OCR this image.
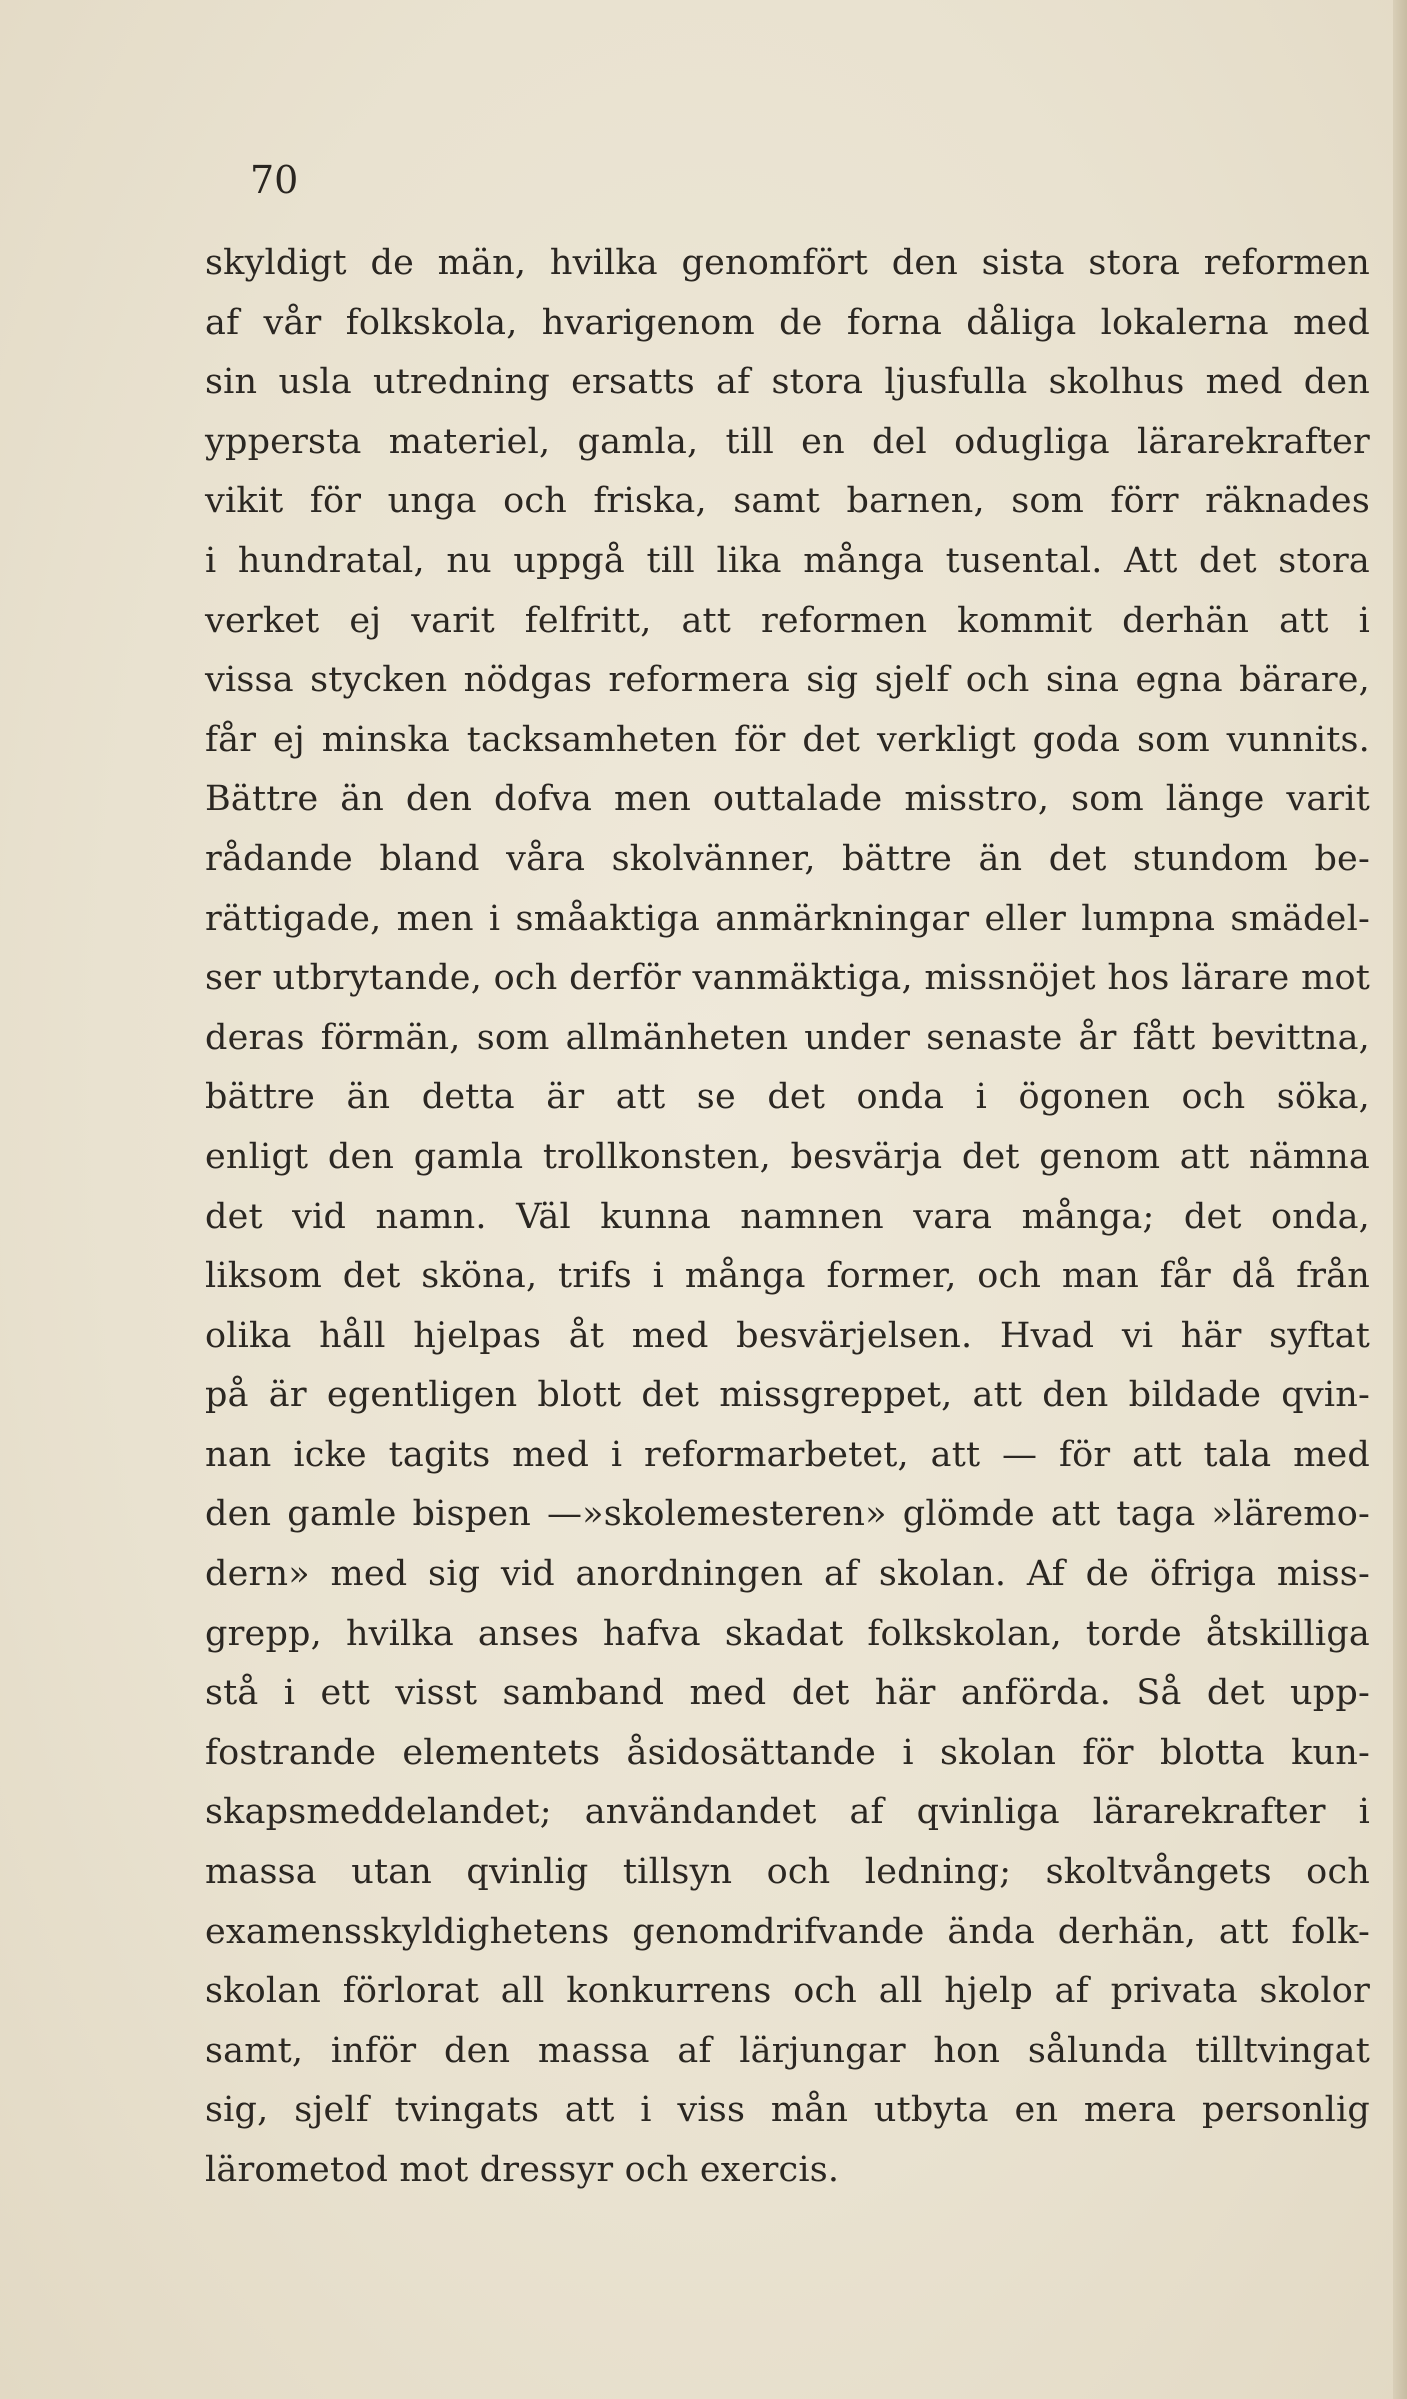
70
skyldigt de män, hvilka genomfört den sista stora reformen
af vår folkskola, hvarigenom de forna dåliga lokalerna med
sin usla utredning ersatts af stora ljusfulla skolhus med den
yppersta materiel, gamla, till en del odugliga lärarekrafter
vikit för unga och friska, samt barnen, som förr räknades
i hundratal, nu uppgå till lika många tusental. Att det stora
verket ej varit felfritt, att reformen kommit derhän att i
vissa stycken nödgas reformera sig sjelf och sina egna bärare,
får ej minska tacksamheten för det verkligt goda som vunnits.
Bättre än den dofva men outtalade misstro, som länge varit
rådande bland våra skolvänner, bättre än det stundom be-
rättigade, men i småaktiga anmärkningar eller lumpna smädel-
ser utbrytande, och derför vanmäktiga, missnöjet hos lärare mot
deras förmän, som allmänheten under senaste år fått bevittna,
bättre än detta är att se det onda i ögonen och söka,
enligt den gamla trollkonsten, besvärja det genom att nämna
det vid namn. Väl kunna namnen vara många; det onda,
liksom det sköna, trifs i många former, och man får då från
olika håll hjelpas åt med besvärjelsen. Hvad vi här syftat
på är egentligen blott det missgreppet, att den bildade qvin-
nan icke tagits med i reformarbetet, att — för att tala med
den gamle bispen —»skolemesteren» glömde att taga »läremo-
dern» med sig vid anordningen af skolan. Af de öfriga miss-
grepp, hvilka anses hafva skadat folkskolan, torde åtskilliga
stå i ett visst samband med det här anförda. Så det upp-
fostrande elementets åsidosättande i skolan för blotta kun-
skapsmeddelandet; användandet af qvinliga lärarekrafter i
massa utan qvinlig tillsyn och ledning; skoltvångets och
examensskyldighetens genomdrifvande ända derhän, att folk-
skolan förlorat all konkurrens och all hjelp af privata skolor
samt, inför den massa af lärjungar hon sålunda tilltvingat
sig, sjelf tvingats att i viss mån utbyta en mera personlig
lärometod mot dressyr och exercis.
